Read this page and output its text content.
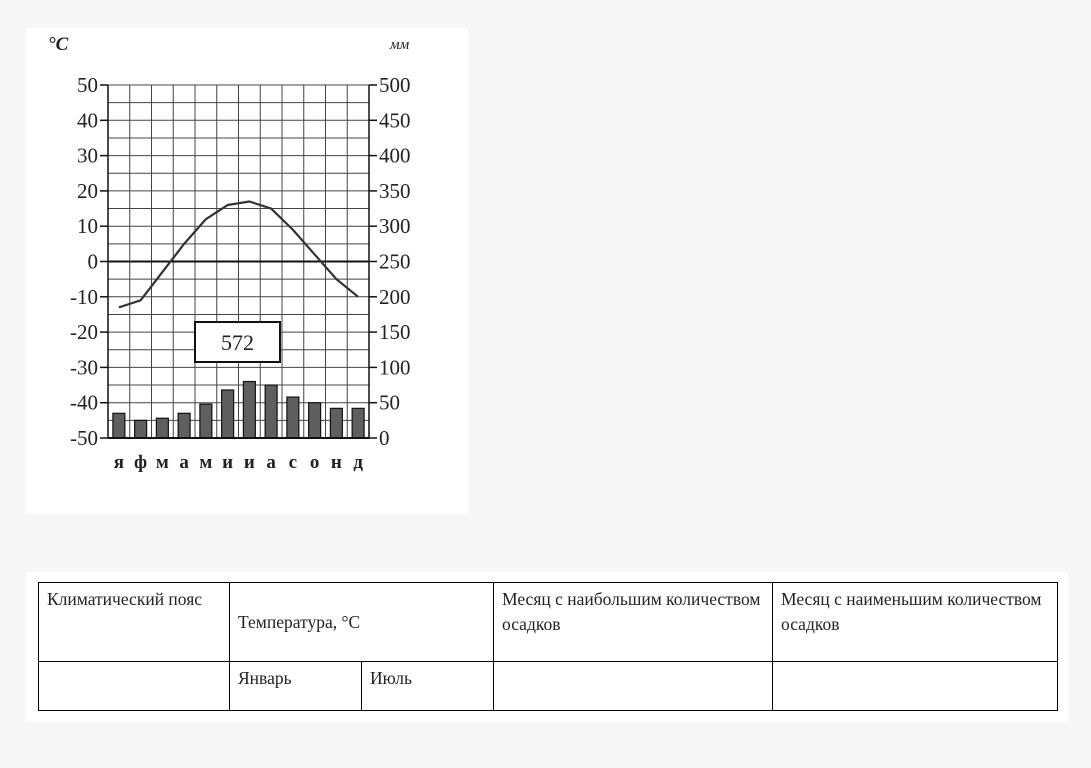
50
40
30
20
10
0
-10
-20
-30
-40
-50
500
450
400
350
300
250
200
150
100
50
0
я ф м а м и и а с о н д
°C	мм
572
Климатический пояс	Температура, °С		Месяц с наибольшим количеством осадков	Месяц с наименьшим количеством осадков
	Январь	Июль		
